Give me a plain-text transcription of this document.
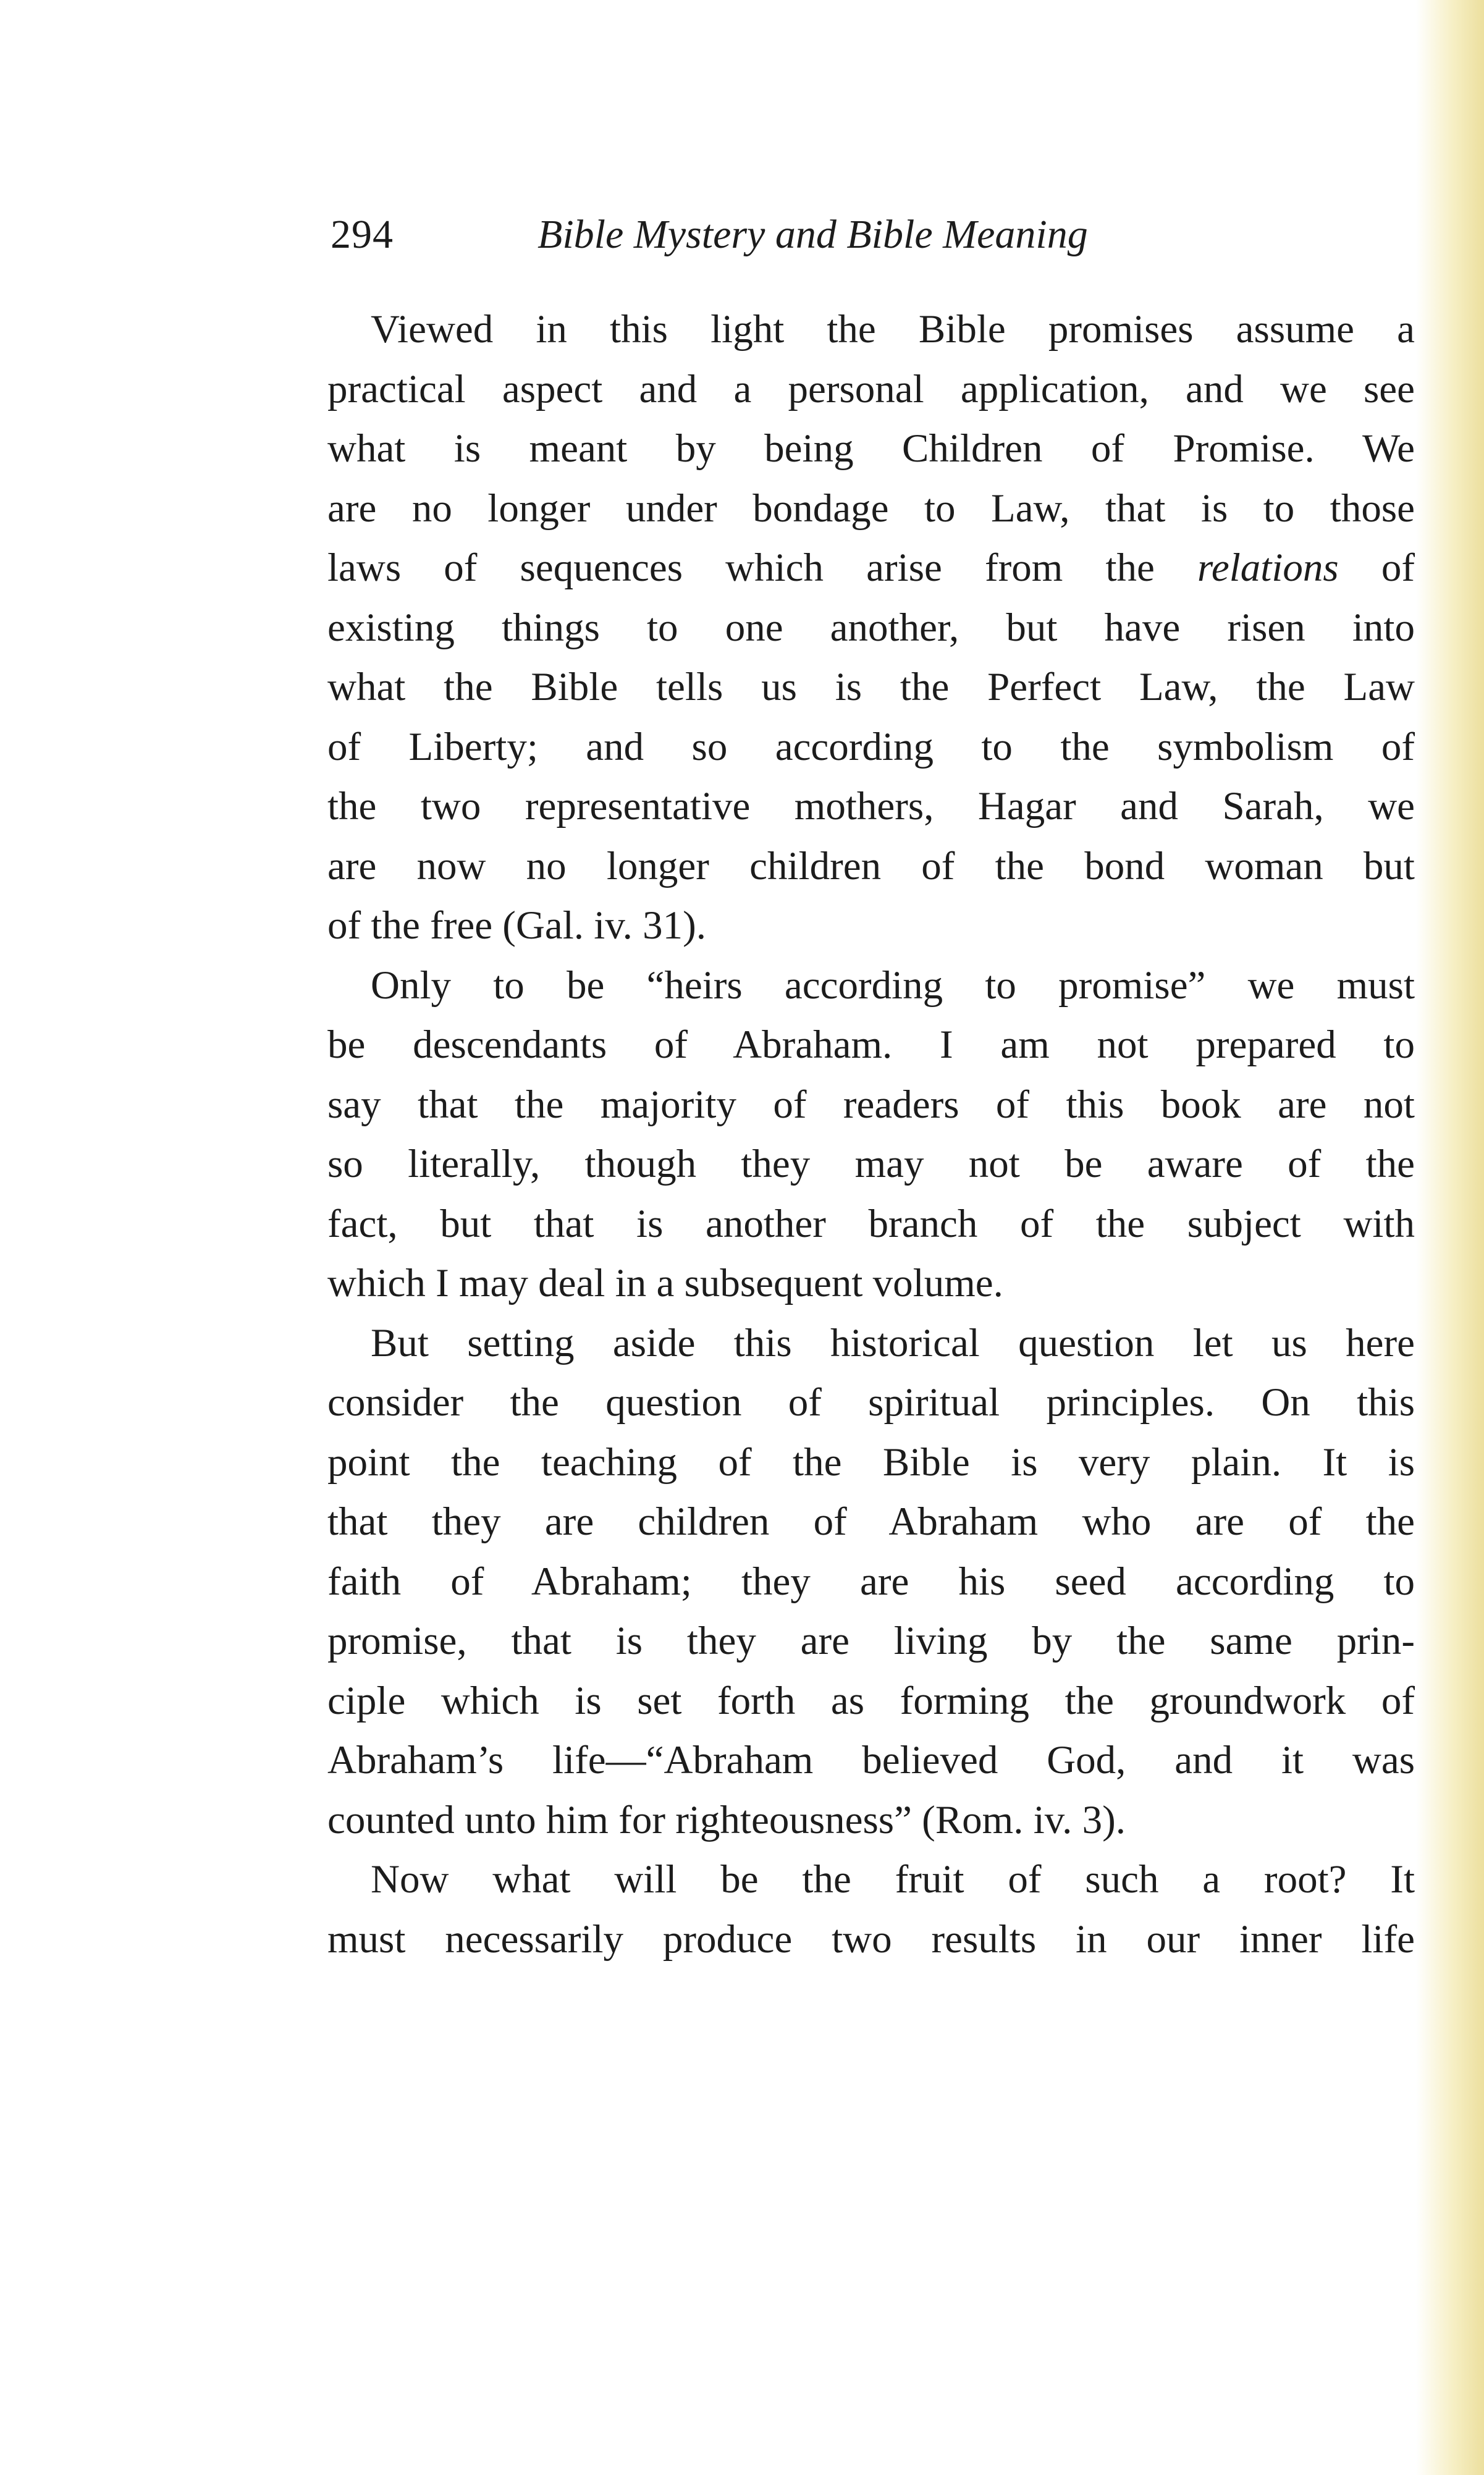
294	Bible Mystery and Bible Meaning

Viewed in this light the Bible promises assume a
practical aspect and a personal application, and we see
what is meant by being Children of Promise. We
are no longer under bondage to Law, that is to those
laws of sequences which arise from the relations of
existing things to one another, but have risen into
what the Bible tells us is the Perfect Law, the Law
of Liberty; and so according to the symbolism of
the two representative mothers, Hagar and Sarah, we
are now no longer children of the bond woman but
of the free (Gal. iv. 31).

Only to be “heirs according to promise” we must
be descendants of Abraham. I am not prepared to
say that the majority of readers of this book are not
so literally, though they may not be aware of the
fact, but that is another branch of the subject with
which I may deal in a subsequent volume.

But setting aside this historical question let us here
consider the question of spiritual principles. On this
point the teaching of the Bible is very plain. It is
that they are children of Abraham who are of the
faith of Abraham; they are his seed according to
promise, that is they are living by the same prin-
ciple which is set forth as forming the groundwork of
Abraham’s life—“Abraham believed God, and it was
counted unto him for righteousness” (Rom. iv. 3).

Now what will be the fruit of such a root? It
must necessarily produce two results in our inner life
